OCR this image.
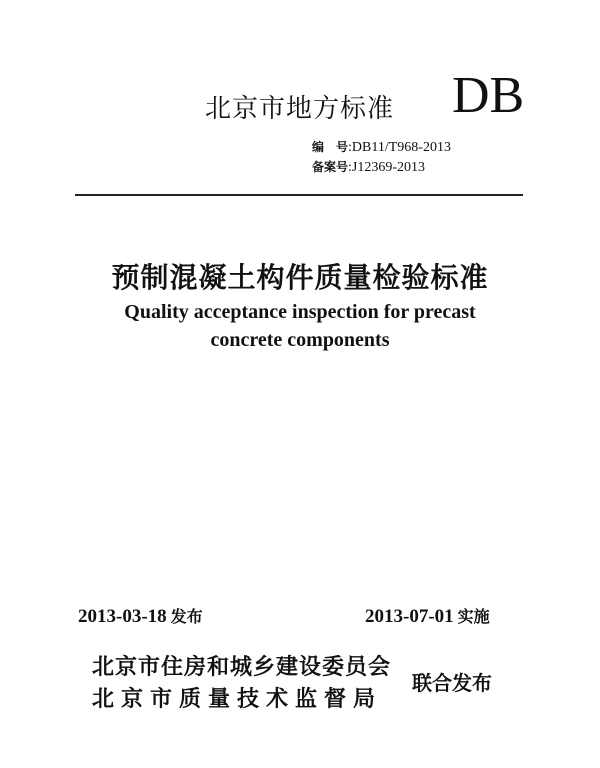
北京市地方标准 DB
编　号:DB11/T968-2013
备案号:J12369-2013
预制混凝土构件质量检验标准
Quality acceptance inspection for precast
concrete components
2013-03-18 发布	2013-07-01 实施
北京市住房和城乡建设委员会
北京市质量技术监督局
联合发布
